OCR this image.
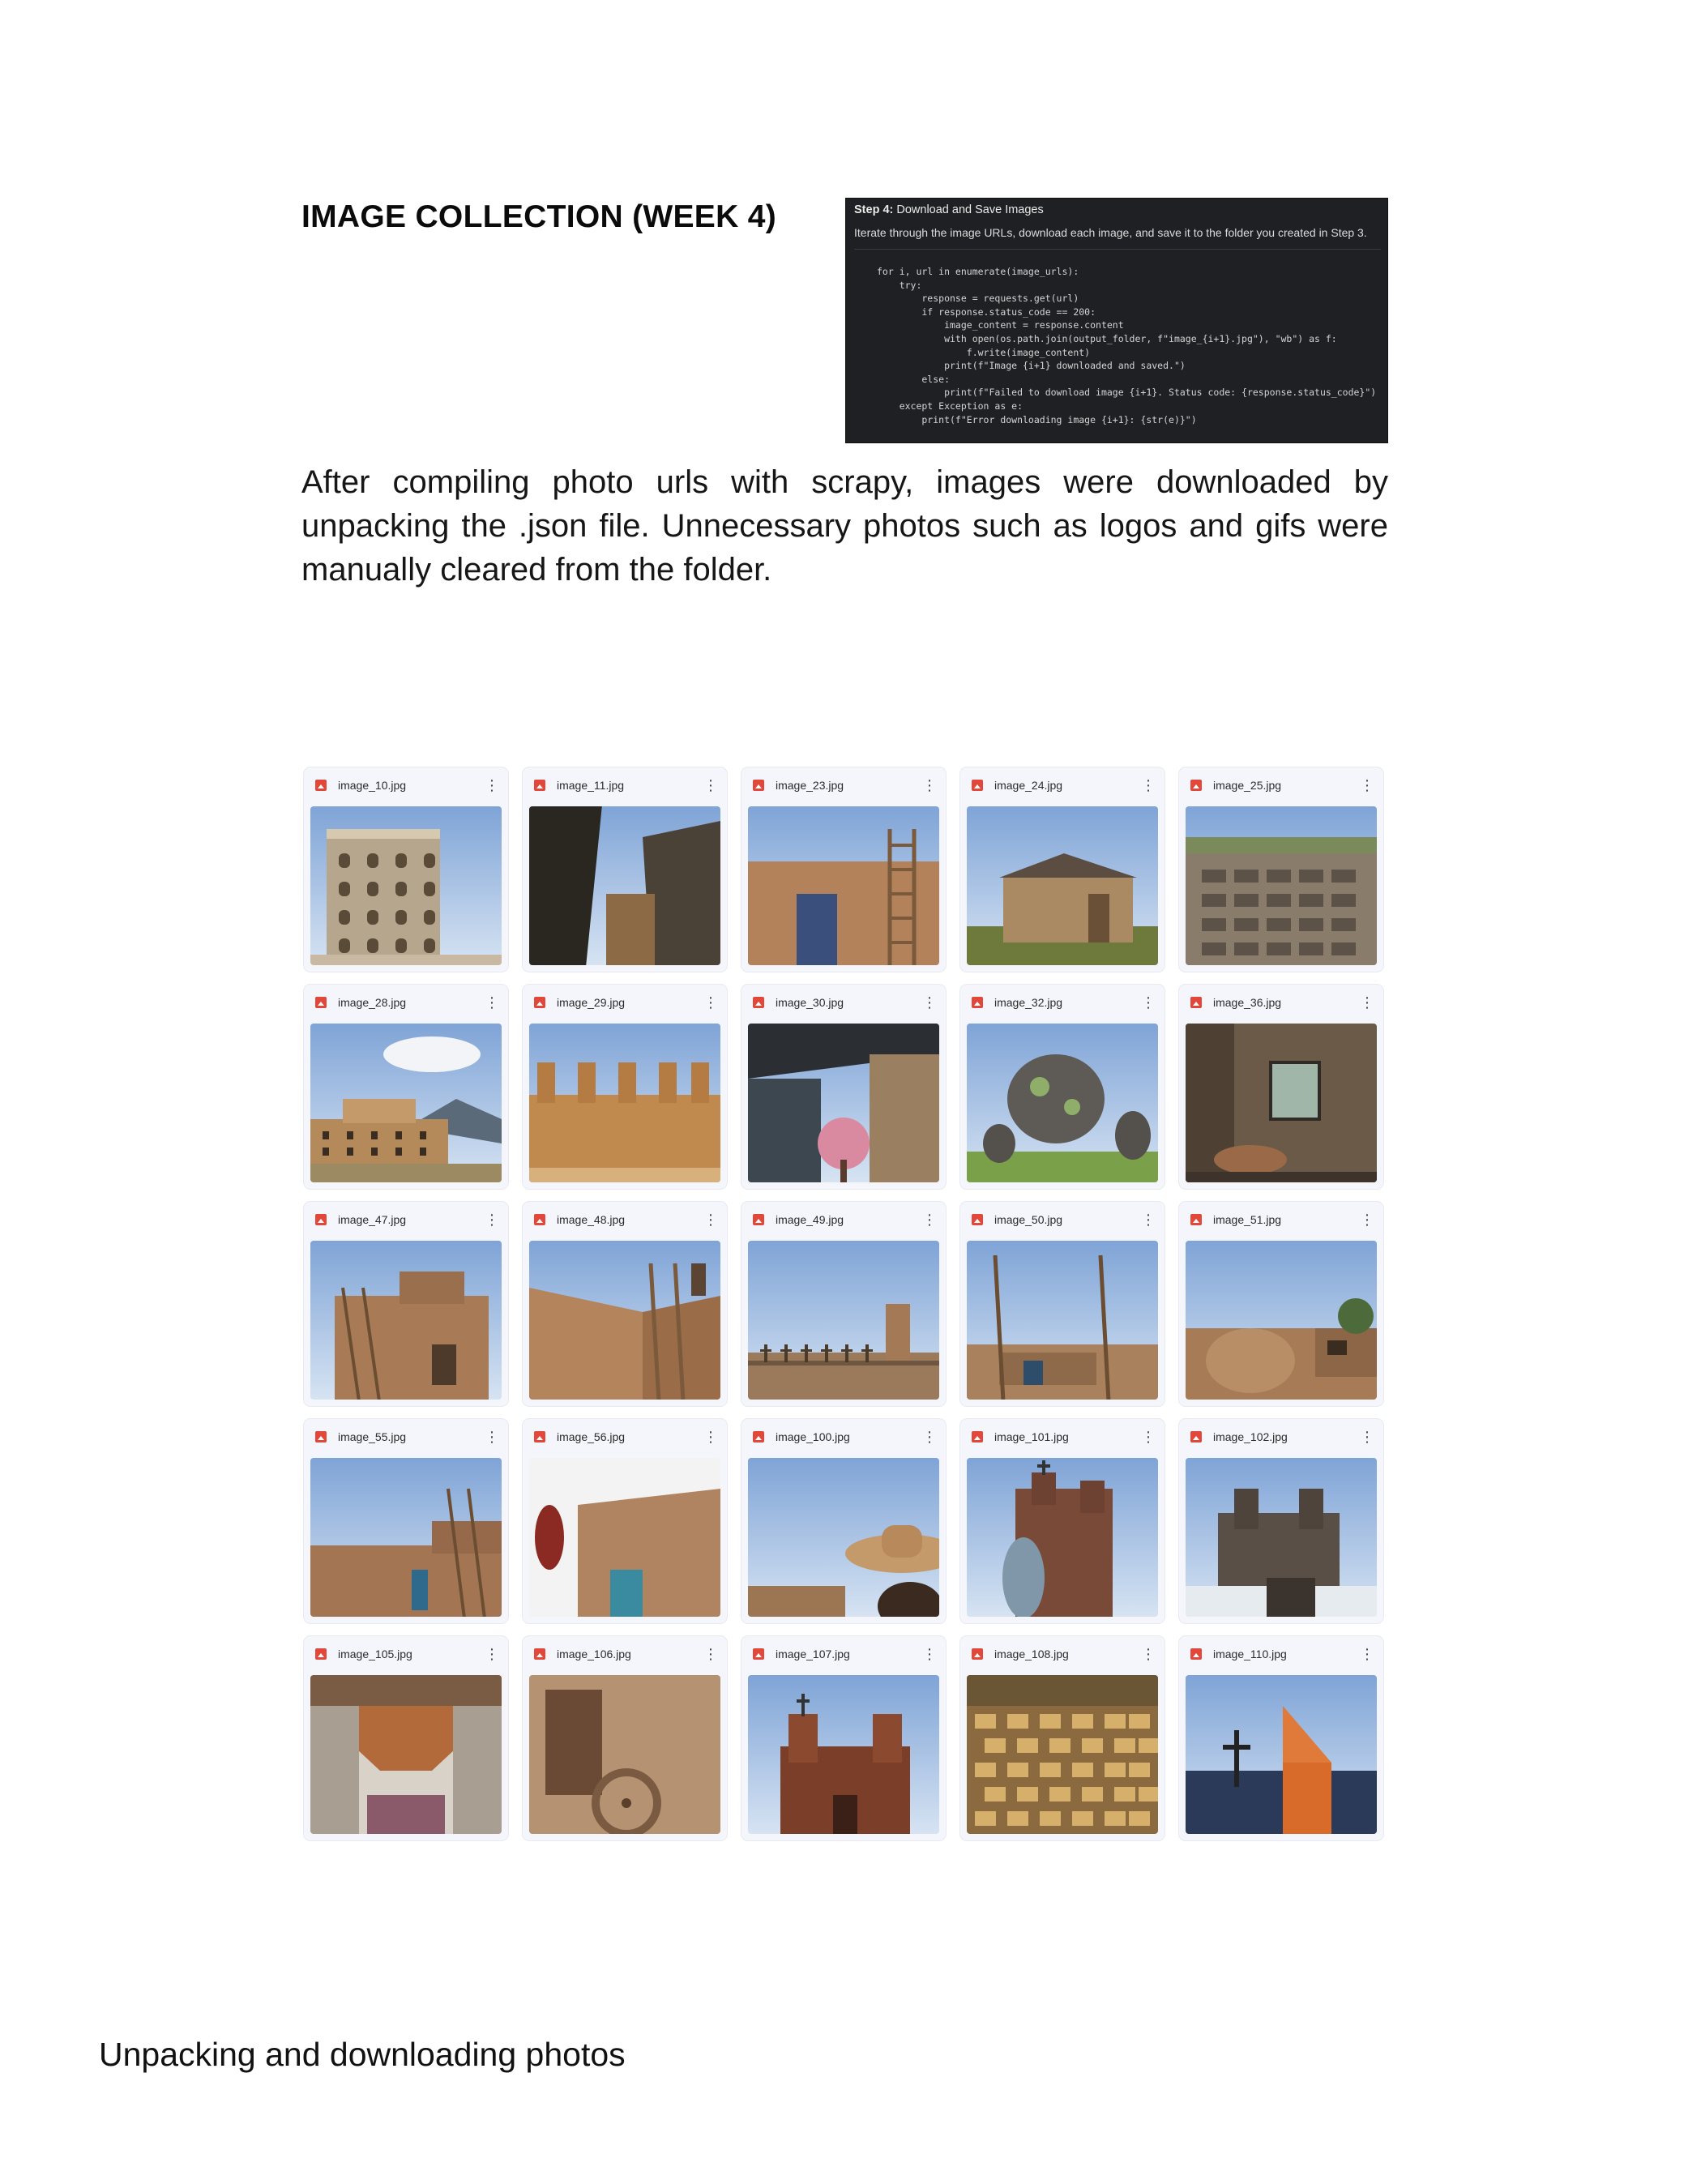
IMAGE COLLECTION (WEEK 4)	Step 4: Download and Save Images
Iterate through the image URLs, download each image, and save it to the folder you created in Step 3.
for i, url in enumerate(image_urls):
try:
response = requests.get(url)
if response.status_code == 200:
image_content = response.content
with open(os.path.join(output_folder, f"image_{i+1}.jpg"), "wb") as f:
f.write(image_content)
print(f"Image {i+1} downloaded and saved.")
else:
print(f"Failed to download image {i+1}. Status code: {response.status_code}")
except Exception as e:
print(f"Error downloading image {i+1}: {str(e)}")

After compiling photo urls with scrapy, images were downloaded by unpacking the .json file. Unnecessary photos such as logos and gifs were manually cleared from the folder.

image_10.jpg	⋮	image_11.jpg	⋮	image_23.jpg	⋮	image_24.jpg	⋮	image_25.jpg	⋮
image_28.jpg	⋮	image_29.jpg	⋮	image_30.jpg	⋮	image_32.jpg	⋮	image_36.jpg	⋮
image_47.jpg	⋮	image_48.jpg	⋮	image_49.jpg	⋮	image_50.jpg	⋮	image_51.jpg	⋮
image_55.jpg	⋮	image_56.jpg	⋮	image_100.jpg	⋮	image_101.jpg	⋮	image_102.jpg	⋮
image_105.jpg	⋮	image_106.jpg	⋮	image_107.jpg	⋮	image_108.jpg	⋮	image_110.jpg	⋮

Unpacking and downloading photos
